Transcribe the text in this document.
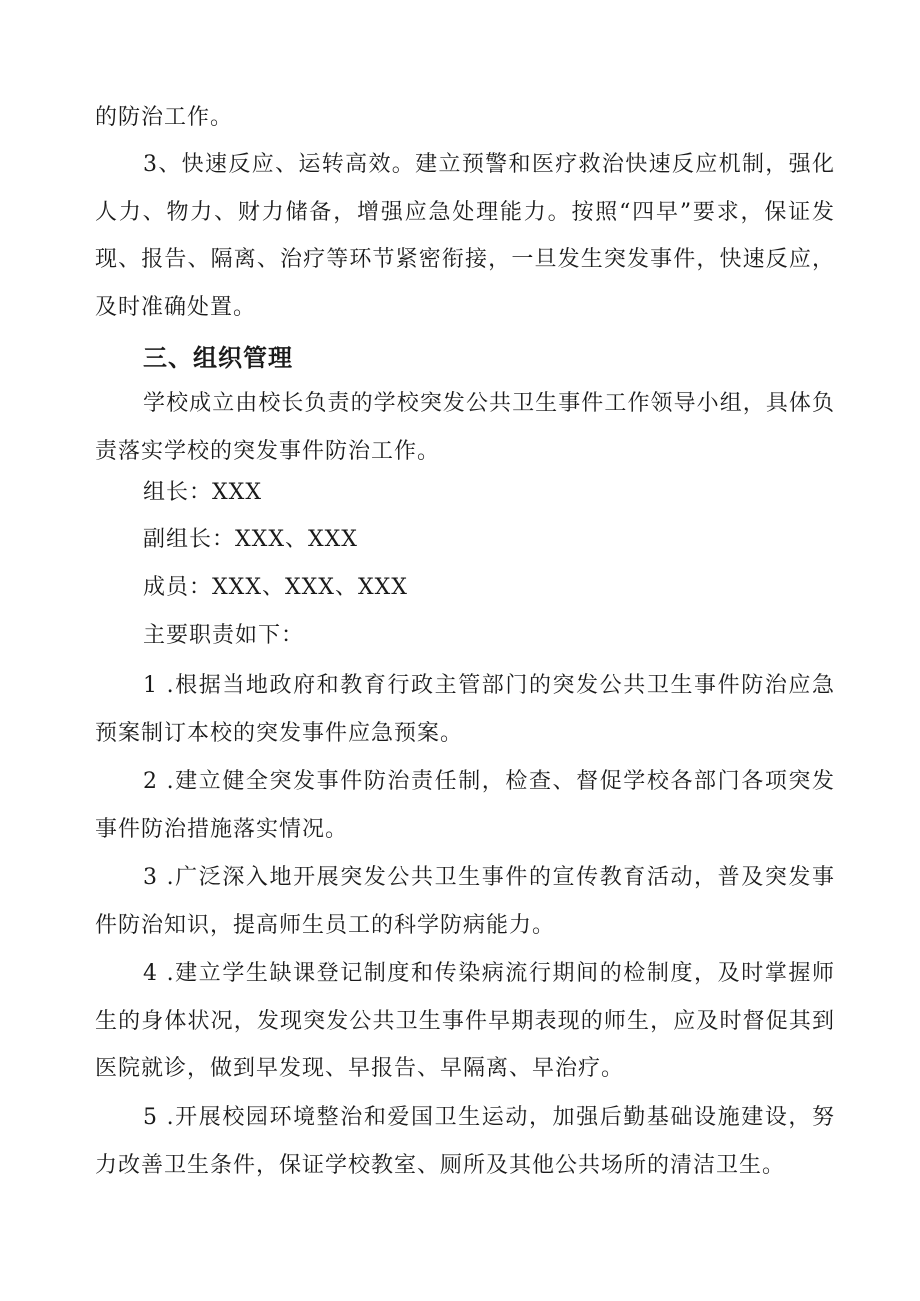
的防治工作。

3、快速反应、运转高效。建立预警和医疗救治快速反应机制，强化人力、物力、财力储备，增强应急处理能力。按照“四早”要求，保证发现、报告、隔离、治疗等环节紧密衔接，一旦发生突发事件，快速反应，及时准确处置。

三、组织管理

学校成立由校长负责的学校突发公共卫生事件工作领导小组，具体负责落实学校的突发事件防治工作。

组长：XXX

副组长：XXX、XXX

成员：XXX、XXX、XXX

主要职责如下：

1 .根据当地政府和教育行政主管部门的突发公共卫生事件防治应急预案制订本校的突发事件应急预案。

2 .建立健全突发事件防治责任制，检查、督促学校各部门各项突发事件防治措施落实情况。

3 .广泛深入地开展突发公共卫生事件的宣传教育活动，普及突发事件防治知识，提高师生员工的科学防病能力。

4 .建立学生缺课登记制度和传染病流行期间的检制度，及时掌握师生的身体状况，发现突发公共卫生事件早期表现的师生，应及时督促其到医院就诊，做到早发现、早报告、早隔离、早治疗。

5 .开展校园环境整治和爱国卫生运动，加强后勤基础设施建设，努力改善卫生条件，保证学校教室、厕所及其他公共场所的清洁卫生。
